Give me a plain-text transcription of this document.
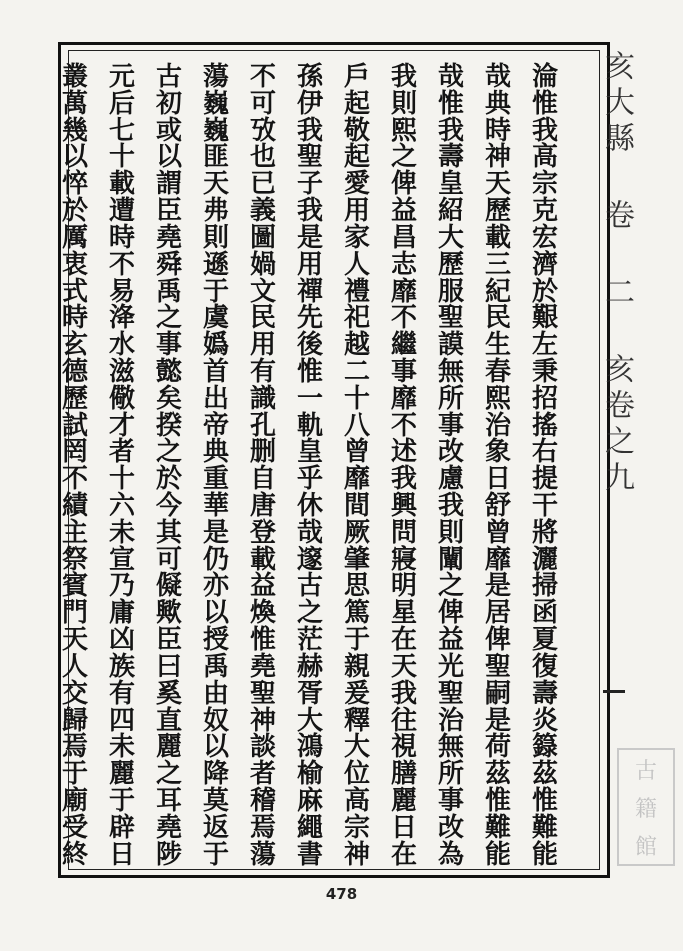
亥大縣 卷 二 亥卷之九
淪
惟
我
高
宗
克
宏
濟
於
艱
左
秉
招
搖
右
提
干
將
灑
掃
函
夏
復
壽
炎
籙
茲
惟
難
能
哉
典
時
神
天
歷
載
三
紀
民
生
春
熙
治
象
日
舒
曾
靡
是
居
俾
聖
嗣
是
荷
茲
惟
難
能
哉
惟
我
壽
皇
紹
大
歷
服
聖
謨
無
所
事
改
慮
我
則
闡
之
俾
益
光
聖
治
無
所
事
改
為
我
則
熙
之
俾
益
昌
志
靡
不
繼
事
靡
不
述
我
興
問
寢
明
星
在
天
我
往
視
膳
麗
日
在
戶
起
敬
起
愛
用
家
人
禮
祀
越
二
十
八
曾
靡
間
厥
肇
思
篤
于
親
爰
釋
大
位
高
宗
神
孫
伊
我
聖
子
我
是
用
禪
先
後
惟
一
軌
皇
乎
休
哉
邃
古
之
茫
赫
胥
大
鴻
榆
麻
繩
書
不
可
攷
也
已
義
圖
媧
文
民
用
有
識
孔
删
自
唐
登
載
益
煥
惟
堯
聖
神
談
者
稽
焉
蕩
蕩
巍
巍
匪
天
弗
則
遜
于
虞
嬀
首
出
帝
典
重
華
是
仍
亦
以
授
禹
由
奴
以
降
莫
返
于
古
初
或
以
謂
臣
堯
舜
禹
之
事
懿
矣
揆
之
於
今
其
可
儗
歟
臣
曰
奚
直
麗
之
耳
堯
陟
元
后
七
十
載
遭
時
不
易
洚
水
滋
儆
才
者
十
六
未
宣
乃
庸
凶
族
有
四
未
麗
于
辟
日
叢
萬
幾
以
悴
於
厲
衷
式
時
玄
德
歷
試
罔
不
績
主
祭
賓
門
天
人
交
歸
焉
于
廟
受
終
古
籍
館
478
